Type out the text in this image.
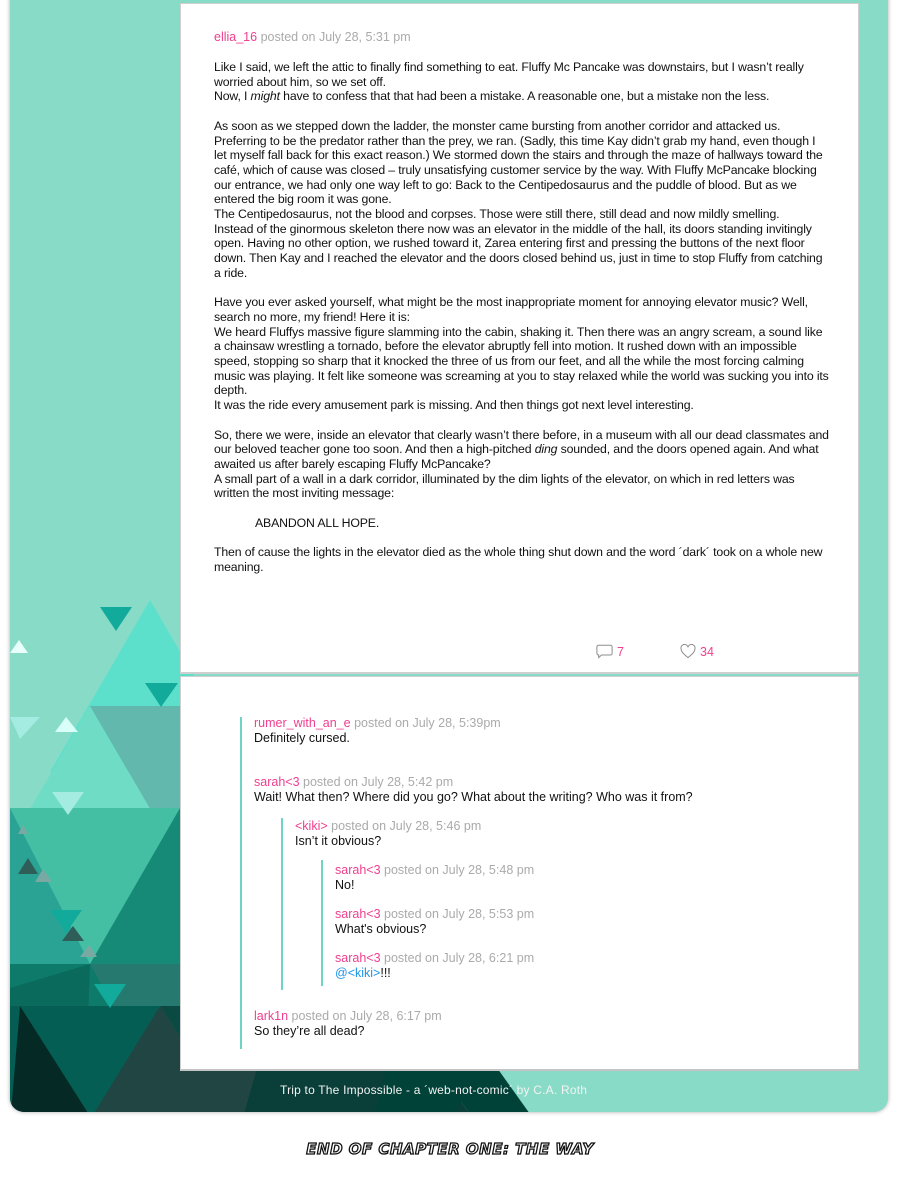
ellia_16 posted on July 28, 5:31 pm

Like I said, we left the attic to finally find something to eat. Fluffy Mc Pancake was downstairs, but I wasn’t really worried about him, so we set off.

Now, I might have to confess that that had been a mistake. A reasonable one, but a mistake non the less.

As soon as we stepped down the ladder, the monster came bursting from another corridor and attacked us. Preferring to be the predator rather than the prey, we ran. (Sadly, this time Kay didn’t grab my hand, even though I let myself fall back for this exact reason.) We stormed down the stairs and through the maze of hallways toward the café, which of cause was closed – truly unsatisfying customer service by the way. With Fluffy McPancake blocking our entrance, we had only one way left to go: Back to the Centipedosaurus and the puddle of blood. But as we entered the big room it was gone.

The Centipedosaurus, not the blood and corpses. Those were still there, still dead and now mildly smelling.

Instead of the ginormous skeleton there now was an elevator in the middle of the hall, its doors standing invitingly open. Having no other option, we rushed toward it, Zarea entering first and pressing the buttons of the next floor down. Then Kay and I reached the elevator and the doors closed behind us, just in time to stop Fluffy from catching a ride.

Have you ever asked yourself, what might be the most inappropriate moment for annoying elevator music? Well, search no more, my friend! Here it is:

We heard Fluffys massive figure slamming into the cabin, shaking it. Then there was an angry scream, a sound like a chainsaw wrestling a tornado, before the elevator abruptly fell into motion. It rushed down with an impossible speed, stopping so sharp that it knocked the three of us from our feet, and all the while the most forcing calming music was playing. It felt like someone was screaming at you to stay relaxed while the world was sucking you into its depth.

It was the ride every amusement park is missing. And then things got next level interesting.

So, there we were, inside an elevator that clearly wasn’t there before, in a museum with all our dead classmates and our beloved teacher gone too soon. And then a high-pitched ding sounded, and the doors opened again. And what awaited us after barely escaping Fluffy McPancake?

A small part of a wall in a dark corridor, illuminated by the dim lights of the elevator, on which in red letters was written the most inviting message:

ABANDON ALL HOPE.

Then of cause the lights in the elevator died as the whole thing shut down and the word ´dark´ took on a whole new meaning.

7	34
rumer_with_an_e posted on July 28, 5:39pm
Definitely cursed.
sarah<3 posted on July 28, 5:42 pm
Wait! What then? Where did you go? What about the writing? Who was it from?
<kiki> posted on July 28, 5:46 pm
Isn’t it obvious?
sarah<3 posted on July 28, 5:48 pm
No!
sarah<3 posted on July 28, 5:53 pm
What's obvious?
sarah<3 posted on July 28, 6:21 pm
@<kiki>!!!
lark1n posted on July 28, 6:17 pm
So they’re all dead?
Trip to The Impossible - a ´web-not-comic´ by C.A. Roth
END OF CHAPTER ONE: THE WAY
